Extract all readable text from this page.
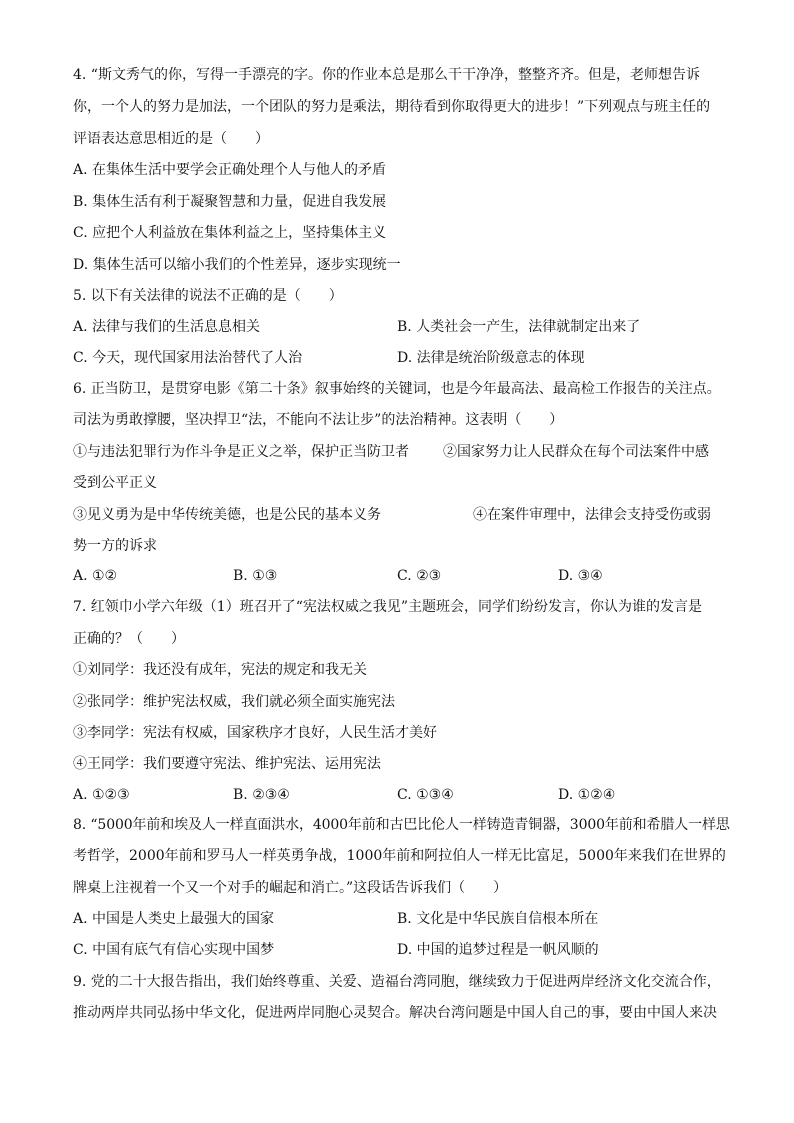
4. “斯文秀气的你，写得一手漂亮的字。你的作业本总是那么干干净净，整整齐齐。但是，老师想告诉
你，一个人的努力是加法，一个团队的努力是乘法，期待看到你取得更大的进步！”下列观点与班主任的
评语表达意思相近的是（　　）
A. 在集体生活中要学会正确处理个人与他人的矛盾
B. 集体生活有利于凝聚智慧和力量，促进自我发展
C. 应把个人利益放在集体利益之上，坚持集体主义
D. 集体生活可以缩小我们的个性差异，逐步实现统一
5. 以下有关法律的说法不正确的是（　　）
A. 法律与我们的生活息息相关	B. 人类社会一产生，法律就制定出来了
C. 今天，现代国家用法治替代了人治	D. 法律是统治阶级意志的体现
6. 正当防卫，是贯穿电影《第二十条》叙事始终的关键词，也是今年最高法、最高检工作报告的关注点。
司法为勇敢撑腰，坚决捍卫“法，不能向不法让步”的法治精神。这表明（　　）
①与违法犯罪行为作斗争是正义之举，保护正当防卫者 ②国家努力让人民群众在每个司法案件中感
受到公平正义
③见义勇为是中华传统美德，也是公民的基本义务	④在案件审理中，法律会支持受伤或弱
势一方的诉求
A. ①②	B. ①③	C. ②③	D. ③④
7. 红领巾小学六年级（1）班召开了“宪法权威之我见”主题班会，同学们纷纷发言，你认为谁的发言是
正确的？（　　）
①刘同学：我还没有成年，宪法的规定和我无关
②张同学：维护宪法权威，我们就必须全面实施宪法
③李同学：宪法有权威，国家秩序才良好，人民生活才美好
④王同学：我们要遵守宪法、维护宪法、运用宪法
A. ①②③	B. ②③④	C. ①③④	D. ①②④
8. “5000年前和埃及人一样直面洪水，4000年前和古巴比伦人一样铸造青铜器，3000年前和希腊人一样思
考哲学，2000年前和罗马人一样英勇争战，1000年前和阿拉伯人一样无比富足，5000年来我们在世界的
牌桌上注视着一个又一个对手的崛起和消亡。”这段话告诉我们（　　）
A. 中国是人类史上最强大的国家	B. 文化是中华民族自信根本所在
C. 中国有底气有信心实现中国梦	D. 中国的追梦过程是一帆风顺的
9. 党的二十大报告指出，我们始终尊重、关爱、造福台湾同胞，继续致力于促进两岸经济文化交流合作，
推动两岸共同弘扬中华文化，促进两岸同胞心灵契合。解决台湾问题是中国人自己的事，要由中国人来决
